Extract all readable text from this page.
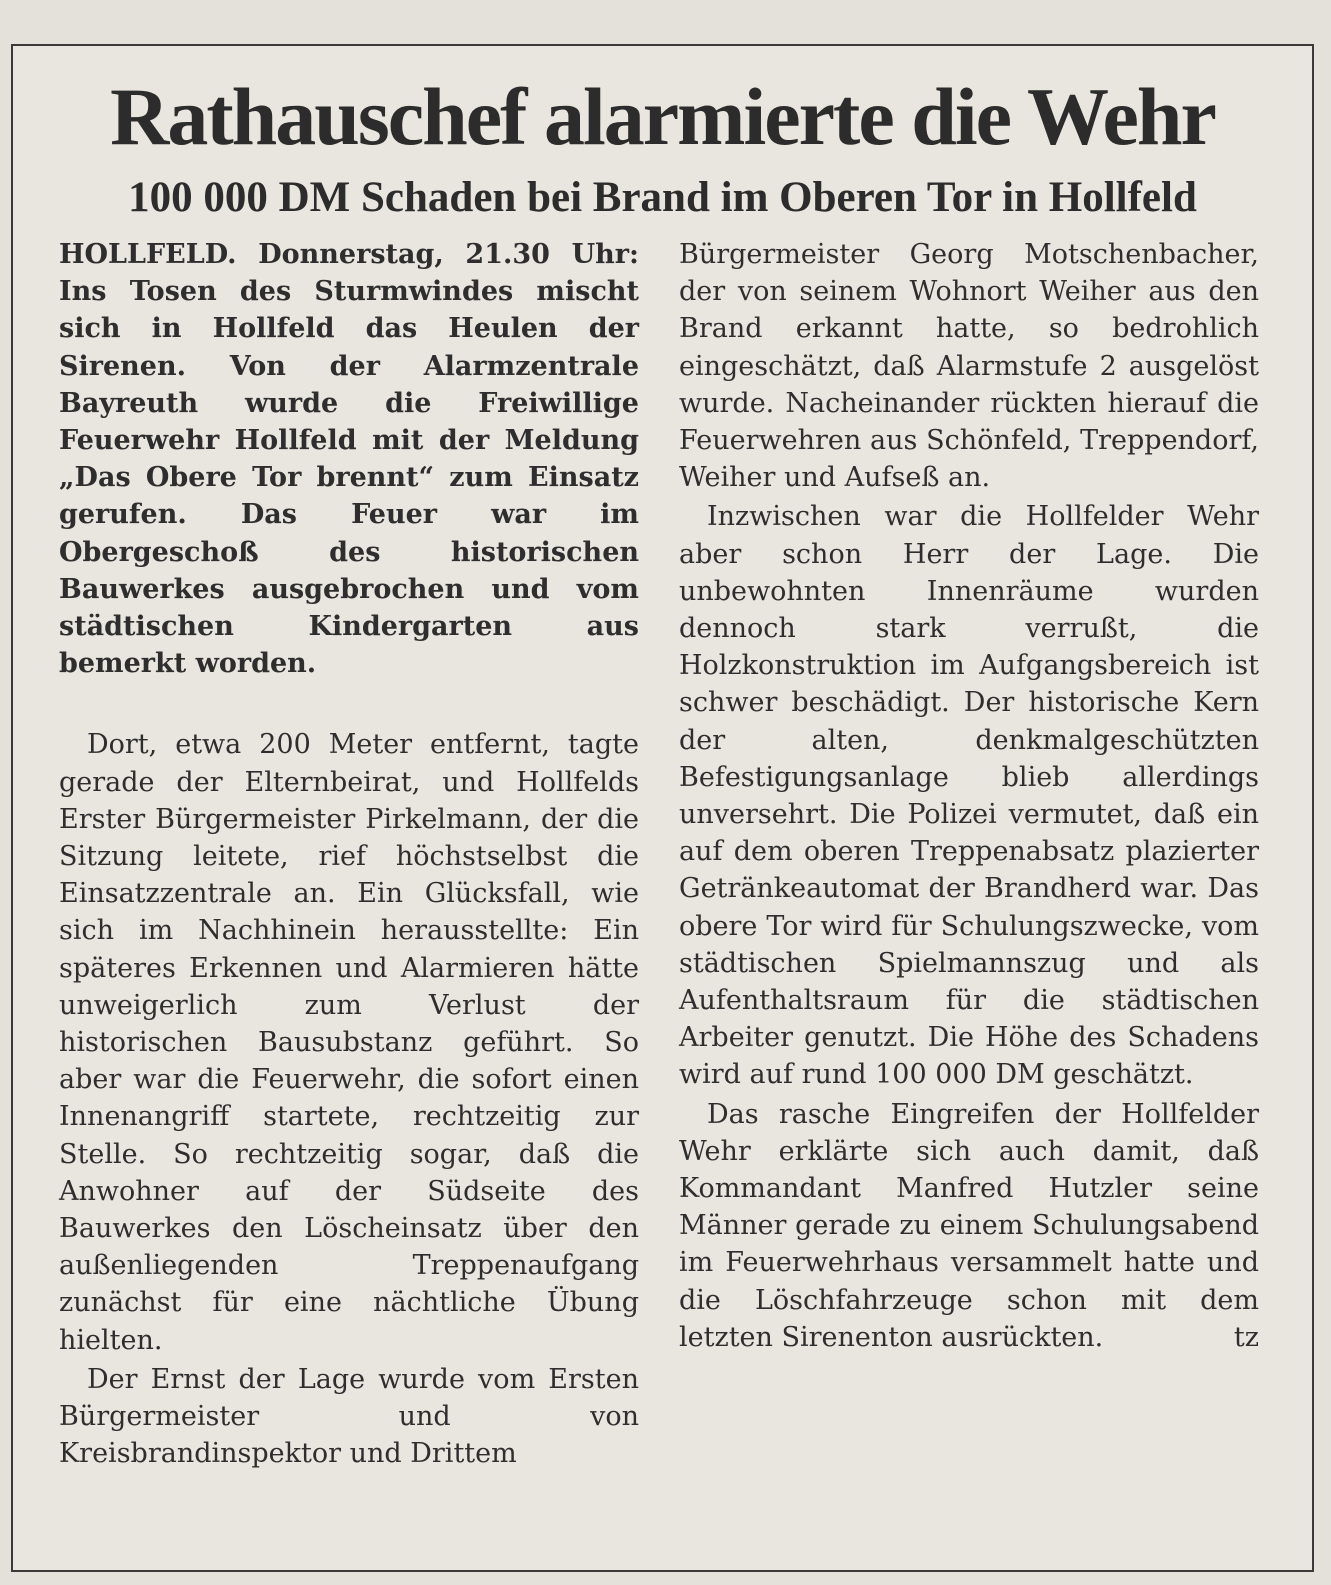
Rathauschef alarmierte die Wehr
100 000 DM Schaden bei Brand im Oberen Tor in Hollfeld

HOLLFELD. Donnerstag, 21.30 Uhr: Ins Tosen des Sturmwindes mischt sich in Hollfeld das Heulen der Sirenen. Von der Alarmzentrale Bayreuth wurde die Freiwillige Feuerwehr Hollfeld mit der Meldung „Das Obere Tor brennt“ zum Einsatz gerufen. Das Feuer war im Obergeschoß des historischen Bauwerkes ausgebrochen und vom städtischen Kindergarten aus bemerkt worden.

Dort, etwa 200 Meter entfernt, tagte gerade der Elternbeirat, und Hollfelds Erster Bürgermeister Pirkelmann, der die Sitzung leitete, rief höchstselbst die Einsatzzentrale an. Ein Glücksfall, wie sich im Nachhinein herausstellte: Ein späteres Erkennen und Alarmieren hätte unweigerlich zum Verlust der historischen Bausubstanz geführt. So aber war die Feuerwehr, die sofort einen Innenangriff startete, rechtzeitig zur Stelle. So rechtzeitig sogar, daß die Anwohner auf der Südseite des Bauwerkes den Löscheinsatz über den außenliegenden Treppenaufgang zunächst für eine nächtliche Übung hielten.

Der Ernst der Lage wurde vom Ersten Bürgermeister und von Kreisbrandinspektor und Drittem

Bürgermeister Georg Motschenbacher, der von seinem Wohnort Weiher aus den Brand erkannt hatte, so bedrohlich eingeschätzt, daß Alarmstufe 2 ausgelöst wurde. Nacheinander rückten hierauf die Feuerwehren aus Schönfeld, Treppendorf, Weiher und Aufseß an.

Inzwischen war die Hollfelder Wehr aber schon Herr der Lage. Die unbewohnten Innenräume wurden dennoch stark verrußt, die Holzkonstruktion im Aufgangsbereich ist schwer beschädigt. Der historische Kern der alten, denkmalgeschützten Befestigungsanlage blieb allerdings unversehrt. Die Polizei vermutet, daß ein auf dem oberen Treppenabsatz plazierter Getränkeautomat der Brandherd war. Das obere Tor wird für Schulungszwecke, vom städtischen Spielmannszug und als Aufenthaltsraum für die städtischen Arbeiter genutzt. Die Höhe des Schadens wird auf rund 100 000 DM geschätzt.

Das rasche Eingreifen der Hollfelder Wehr erklärte sich auch damit, daß Kommandant Manfred Hutzler seine Männer gerade zu einem Schulungsabend im Feuerwehrhaus versammelt hatte und die Löschfahrzeuge schon mit dem letzten Sirenenton ausrückten.	tz
